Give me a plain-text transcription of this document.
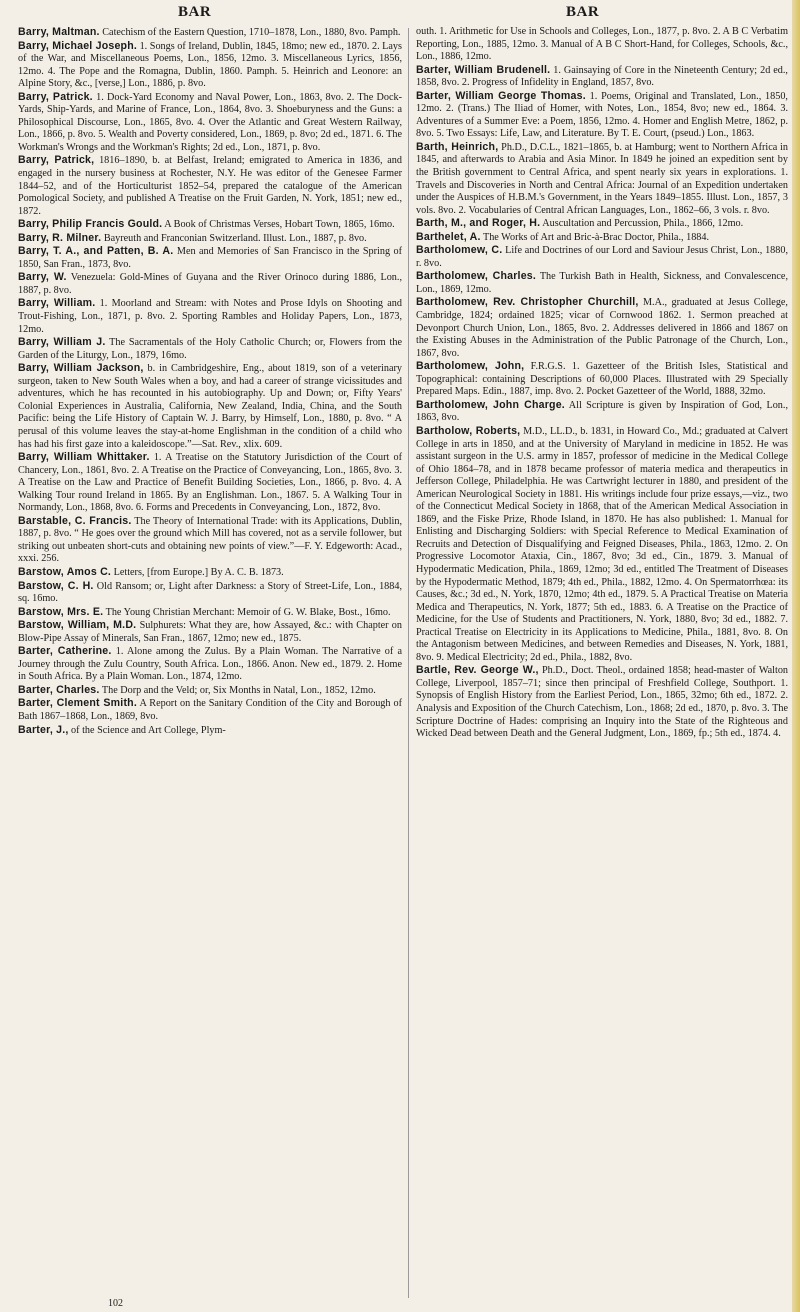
BAR	BAR

Barry, Maltman. Catechism of the Eastern Question, 1710–1878, Lon., 1880, 8vo. Pamph.

Barry, Michael Joseph. 1. Songs of Ireland, Dublin, 1845, 18mo; new ed., 1870. 2. Lays of the War, and Miscellaneous Poems, Lon., 1856, 12mo. 3. Miscellaneous Lyrics, 1856, 12mo. 4. The Pope and the Romagna, Dublin, 1860. Pamph. 5. Heinrich and Leonore: an Alpine Story, &c., [verse,] Lon., 1886, p. 8vo.

Barry, Patrick. 1. Dock-Yard Economy and Naval Power, Lon., 1863, 8vo. 2. The Dock-Yards, Ship-Yards, and Marine of France, Lon., 1864, 8vo. 3. Shoeburyness and the Guns: a Philosophical Discourse, Lon., 1865, 8vo. 4. Over the Atlantic and Great Western Railway, Lon., 1866, p. 8vo. 5. Wealth and Poverty considered, Lon., 1869, p. 8vo; 2d ed., 1871. 6. The Workman's Wrongs and the Workman's Rights; 2d ed., Lon., 1871, p. 8vo.

Barry, Patrick, 1816–1890, b. at Belfast, Ireland; emigrated to America in 1836, and engaged in the nursery business at Rochester, N.Y. He was editor of the Genesee Farmer 1844–52, and of the Horticulturist 1852–54, prepared the catalogue of the American Pomological Society, and published A Treatise on the Fruit Garden, N. York, 1851; new ed., 1872.

Barry, Philip Francis Gould. A Book of Christmas Verses, Hobart Town, 1865, 16mo.

Barry, R. Milner. Bayreuth and Franconian Switzerland. Illust. Lon., 1887, p. 8vo.

Barry, T. A., and Patten, B. A. Men and Memories of San Francisco in the Spring of 1850, San Fran., 1873, 8vo.

Barry, W. Venezuela: Gold-Mines of Guyana and the River Orinoco during 1886, Lon., 1887, p. 8vo.

Barry, William. 1. Moorland and Stream: with Notes and Prose Idyls on Shooting and Trout-Fishing, Lon., 1871, p. 8vo. 2. Sporting Rambles and Holiday Papers, Lon., 1873, 12mo.

Barry, William J. The Sacramentals of the Holy Catholic Church; or, Flowers from the Garden of the Liturgy, Lon., 1879, 16mo.

Barry, William Jackson, b. in Cambridgeshire, Eng., about 1819, son of a veterinary surgeon, taken to New South Wales when a boy, and had a career of strange vicissitudes and adventures, which he has recounted in his autobiography. Up and Down; or, Fifty Years' Colonial Experiences in Australia, California, New Zealand, India, China, and the South Pacific: being the Life History of Captain W. J. Barry, by Himself, Lon., 1880, p. 8vo. “ A perusal of this volume leaves the stay-at-home Englishman in the condition of a child who has had his first gaze into a kaleidoscope.”—Sat. Rev., xlix. 609.

Barry, William Whittaker. 1. A Treatise on the Statutory Jurisdiction of the Court of Chancery, Lon., 1861, 8vo. 2. A Treatise on the Practice of Conveyancing, Lon., 1865, 8vo. 3. A Treatise on the Law and Practice of Benefit Building Societies, Lon., 1866, p. 8vo. 4. A Walking Tour round Ireland in 1865. By an Englishman. Lon., 1867. 5. A Walking Tour in Normandy, Lon., 1868, 8vo. 6. Forms and Precedents in Conveyancing, Lon., 1872, 8vo.

Barstable, C. Francis. The Theory of International Trade: with its Applications, Dublin, 1887, p. 8vo. “ He goes over the ground which Mill has covered, not as a servile follower, but striking out unbeaten short-cuts and obtaining new points of view.”—F. Y. Edgeworth: Acad., xxxi. 256.

Barstow, Amos C. Letters, [from Europe.] By A. C. B. 1873.

Barstow, C. H. Old Ransom; or, Light after Darkness: a Story of Street-Life, Lon., 1884, sq. 16mo.

Barstow, Mrs. E. The Young Christian Merchant: Memoir of G. W. Blake, Bost., 16mo.

Barstow, William, M.D. Sulphurets: What they are, how Assayed, &c.: with Chapter on Blow-Pipe Assay of Minerals, San Fran., 1867, 12mo; new ed., 1875.

Barter, Catherine. 1. Alone among the Zulus. By a Plain Woman. The Narrative of a Journey through the Zulu Country, South Africa. Lon., 1866. Anon. New ed., 1879. 2. Home in South Africa. By a Plain Woman. Lon., 1874, 12mo.

Barter, Charles. The Dorp and the Veld; or, Six Months in Natal, Lon., 1852, 12mo.

Barter, Clement Smith. A Report on the Sanitary Condition of the City and Borough of Bath 1867–1868, Lon., 1869, 8vo.

Barter, J., of the Science and Art College, Plym-

outh. 1. Arithmetic for Use in Schools and Colleges, Lon., 1877, p. 8vo. 2. A B C Verbatim Reporting, Lon., 1885, 12mo. 3. Manual of A B C Short-Hand, for Colleges, Schools, &c., Lon., 1886, 12mo.

Barter, William Brudenell. 1. Gainsaying of Core in the Nineteenth Century; 2d ed., 1858, 8vo. 2. Progress of Infidelity in England, 1857, 8vo.

Barter, William George Thomas. 1. Poems, Original and Translated, Lon., 1850, 12mo. 2. (Trans.) The Iliad of Homer, with Notes, Lon., 1854, 8vo; new ed., 1864. 3. Adventures of a Summer Eve: a Poem, 1856, 12mo. 4. Homer and English Metre, 1862, p. 8vo. 5. Two Essays: Life, Law, and Literature. By T. E. Court, (pseud.) Lon., 1863.

Barth, Heinrich, Ph.D., D.C.L., 1821–1865, b. at Hamburg; went to Northern Africa in 1845, and afterwards to Arabia and Asia Minor. In 1849 he joined an expedition sent by the British government to Central Africa, and spent nearly six years in explorations. 1. Travels and Discoveries in North and Central Africa: Journal of an Expedition undertaken under the Auspices of H.B.M.'s Government, in the Years 1849–1855. Illust. Lon., 1857, 3 vols. 8vo. 2. Vocabularies of Central African Languages, Lon., 1862–66, 3 vols. r. 8vo.

Barth, M., and Roger, H. Auscultation and Percussion, Phila., 1866, 12mo.

Barthelet, A. The Works of Art and Bric-à-Brac Doctor, Phila., 1884.

Bartholomew, C. Life and Doctrines of our Lord and Saviour Jesus Christ, Lon., 1880, r. 8vo.

Bartholomew, Charles. The Turkish Bath in Health, Sickness, and Convalescence, Lon., 1869, 12mo.

Bartholomew, Rev. Christopher Churchill, M.A., graduated at Jesus College, Cambridge, 1824; ordained 1825; vicar of Cornwood 1862. 1. Sermon preached at Devonport Church Union, Lon., 1865, 8vo. 2. Addresses delivered in 1866 and 1867 on the Existing Abuses in the Administration of the Public Patronage of the Church, Lon., 1867, 8vo.

Bartholomew, John, F.R.G.S. 1. Gazetteer of the British Isles, Statistical and Topographical: containing Descriptions of 60,000 Places. Illustrated with 29 Specially Prepared Maps. Edin., 1887, imp. 8vo. 2. Pocket Gazetteer of the World, 1888, 32mo.

Bartholomew, John Charge. All Scripture is given by Inspiration of God, Lon., 1863, 8vo.

Bartholow, Roberts, M.D., LL.D., b. 1831, in Howard Co., Md.; graduated at Calvert College in arts in 1850, and at the University of Maryland in medicine in 1852. He was assistant surgeon in the U.S. army in 1857, professor of medicine in the Medical College of Ohio 1864–78, and in 1878 became professor of materia medica and therapeutics in Jefferson College, Philadelphia. He was Cartwright lecturer in 1880, and president of the American Neurological Society in 1881. His writings include four prize essays,—viz., two of the Connecticut Medical Society in 1868, that of the American Medical Association in 1869, and the Fiske Prize, Rhode Island, in 1870. He has also published: 1. Manual for Enlisting and Discharging Soldiers: with Special Reference to Medical Examination of Recruits and Detection of Disqualifying and Feigned Diseases, Phila., 1863, 12mo. 2. On Progressive Locomotor Ataxia, Cin., 1867, 8vo; 3d ed., Cin., 1879. 3. Manual of Hypodermatic Medication, Phila., 1869, 12mo; 3d ed., entitled The Treatment of Diseases by the Hypodermatic Method, 1879; 4th ed., Phila., 1882, 12mo. 4. On Spermatorrhœa: its Causes, &c.; 3d ed., N. York, 1870, 12mo; 4th ed., 1879. 5. A Practical Treatise on Materia Medica and Therapeutics, N. York, 1877; 5th ed., 1883. 6. A Treatise on the Practice of Medicine, for the Use of Students and Practitioners, N. York, 1880, 8vo; 3d ed., 1882. 7. Practical Treatise on Electricity in its Applications to Medicine, Phila., 1881, 8vo. 8. On the Antagonism between Medicines, and between Remedies and Diseases, N. York, 1881, 8vo. 9. Medical Electricity; 2d ed., Phila., 1882, 8vo.

Bartle, Rev. George W., Ph.D., Doct. Theol., ordained 1858; head-master of Walton College, Liverpool, 1857–71; since then principal of Freshfield College, Southport. 1. Synopsis of English History from the Earliest Period, Lon., 1865, 32mo; 6th ed., 1872. 2. Analysis and Exposition of the Church Catechism, Lon., 1868; 2d ed., 1870, p. 8vo. 3. The Scripture Doctrine of Hades: comprising an Inquiry into the State of the Righteous and Wicked Dead between Death and the General Judgment, Lon., 1869, fp.; 5th ed., 1874. 4.

102
